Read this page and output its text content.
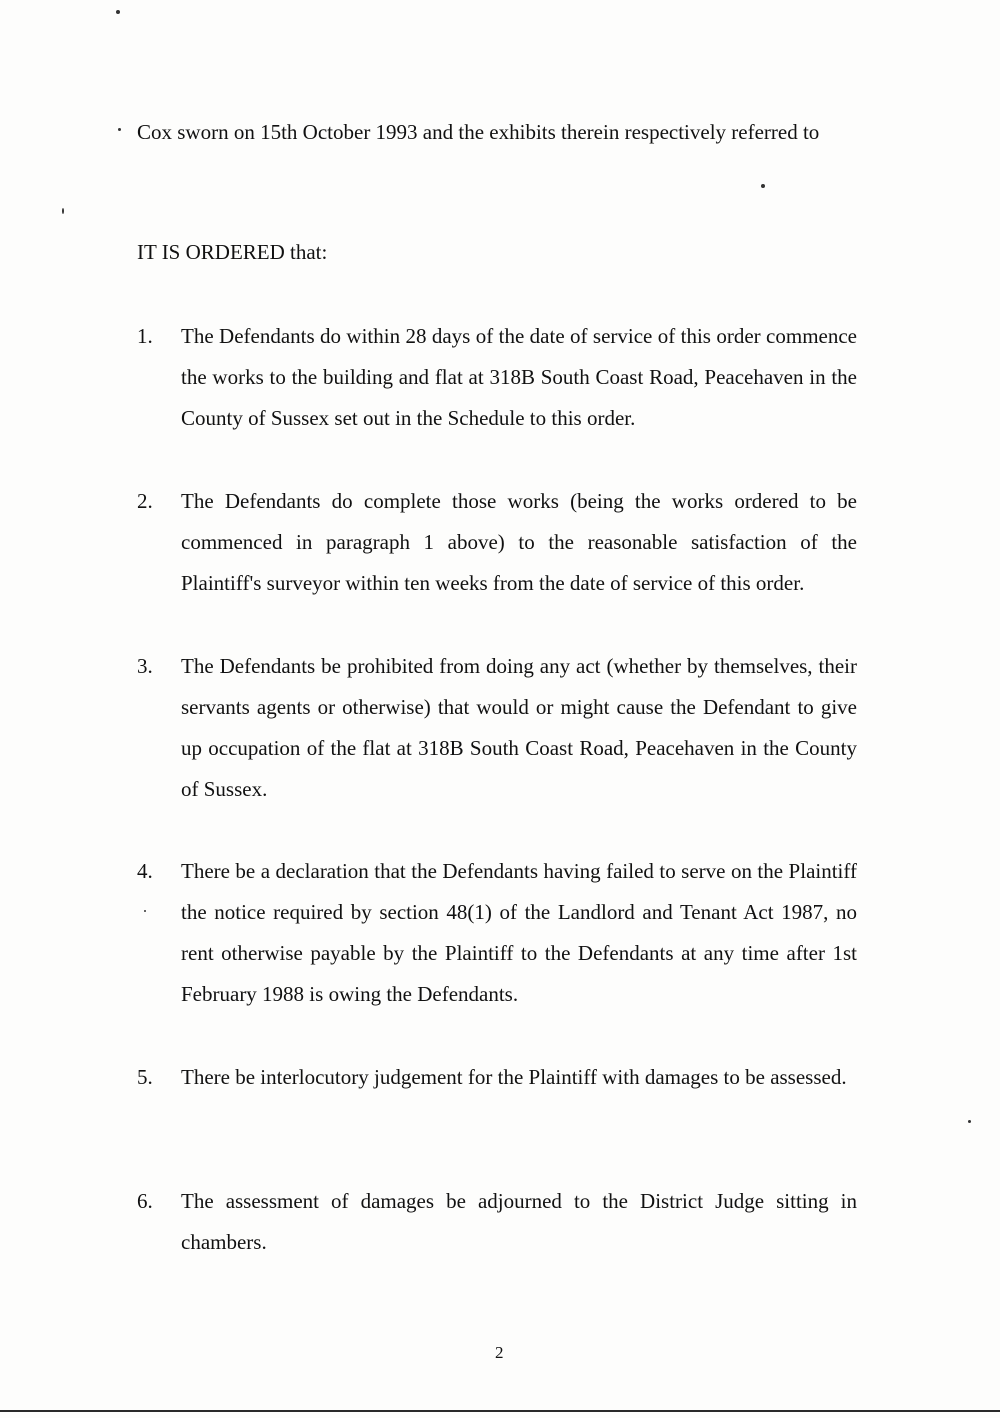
Cox sworn on 15th October 1993 and the exhibits therein respectively referred to
IT IS ORDERED that:
1.	The Defendants do within 28 days of the date of service of this order commence the works to the building and flat at 318B South Coast Road, Peacehaven in the County of Sussex set out in the Schedule to this order.
2.	The Defendants do complete those works (being the works ordered to be commenced in paragraph 1 above) to the reasonable satisfaction of the Plaintiff's surveyor within ten weeks from the date of service of this order.
3.	The Defendants be prohibited from doing any act (whether by themselves, their servants agents or otherwise) that would or might cause the Defendant to give up occupation of the flat at 318B South Coast Road, Peacehaven in the County of Sussex.
4.	There be a declaration that the Defendants having failed to serve on the Plaintiff the notice required by section 48(1) of the Landlord and Tenant Act 1987, no rent otherwise payable by the Plaintiff to the Defendants at any time after 1st February 1988 is owing the Defendants.
5.	There be interlocutory judgement for the Plaintiff with damages to be assessed.
6.	The assessment of damages be adjourned to the District Judge sitting in chambers.
2
